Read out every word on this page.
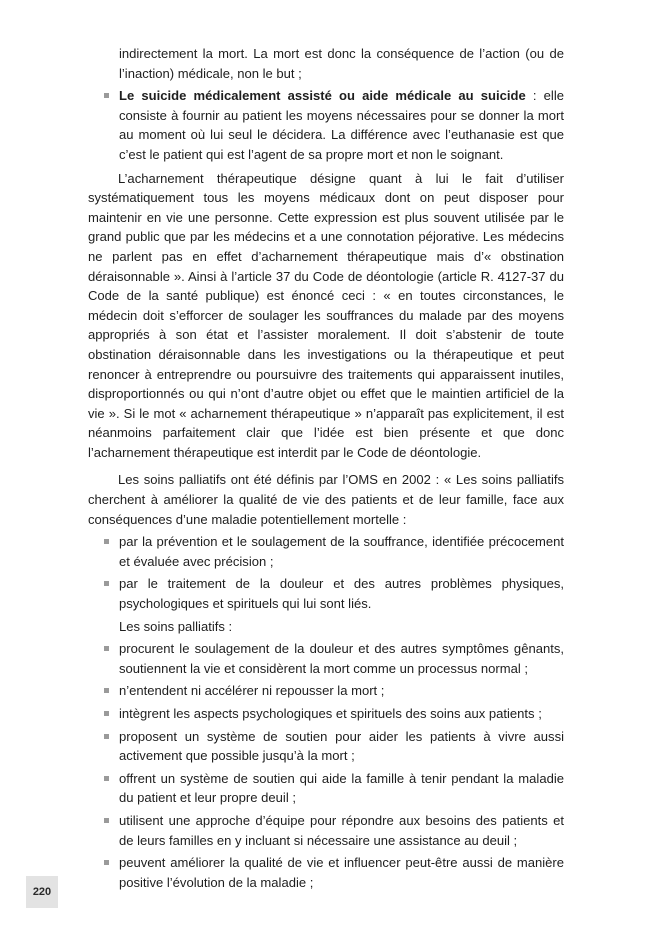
indirectement la mort. La mort est donc la conséquence de l’action (ou de l’inaction) médicale, non le but ;

Le suicide médicalement assisté ou aide médicale au suicide : elle consiste à fournir au patient les moyens nécessaires pour se donner la mort au moment où lui seul le décidera. La différence avec l’euthanasie est que c’est le patient qui est l’agent de sa propre mort et non le soignant.

L’acharnement thérapeutique désigne quant à lui le fait d’utiliser systématiquement tous les moyens médicaux dont on peut disposer pour maintenir en vie une personne. Cette expression est plus souvent utilisée par le grand public que par les médecins et a une connotation péjorative. Les médecins ne parlent pas en effet d’acharnement thérapeutique mais d’« obstination déraisonnable ». Ainsi à l’article 37 du Code de déontologie (article R. 4127-37 du Code de la santé publique) est énoncé ceci : « en toutes circonstances, le médecin doit s’efforcer de soulager les souffrances du malade par des moyens appropriés à son état et l’assister moralement. Il doit s’abstenir de toute obstination déraisonnable dans les investigations ou la thérapeutique et peut renoncer à entreprendre ou poursuivre des traitements qui apparaissent inutiles, disproportionnés ou qui n’ont d’autre objet ou effet que le maintien artificiel de la vie ». Si le mot « acharnement thérapeutique » n’apparaît pas explicitement, il est néanmoins parfaitement clair que l’idée est bien présente et que donc l’acharnement thérapeutique est interdit par le Code de déontologie.

Les soins palliatifs ont été définis par l’OMS en 2002 : « Les soins palliatifs cherchent à améliorer la qualité de vie des patients et de leur famille, face aux conséquences d’une maladie potentiellement mortelle :

par la prévention et le soulagement de la souffrance, identifiée précocement et évaluée avec précision ;
par le traitement de la douleur et des autres problèmes physiques, psychologiques et spirituels qui lui sont liés.

Les soins palliatifs :

procurent le soulagement de la douleur et des autres symptômes gênants, soutiennent la vie et considèrent la mort comme un processus normal ;
n’entendent ni accélérer ni repousser la mort ;
intègrent les aspects psychologiques et spirituels des soins aux patients ;
proposent un système de soutien pour aider les patients à vivre aussi activement que possible jusqu’à la mort ;
offrent un système de soutien qui aide la famille à tenir pendant la maladie du patient et leur propre deuil ;
utilisent une approche d’équipe pour répondre aux besoins des patients et de leurs familles en y incluant si nécessaire une assistance au deuil ;
peuvent améliorer la qualité de vie et influencer peut-être aussi de manière positive l’évolution de la maladie ;
220
